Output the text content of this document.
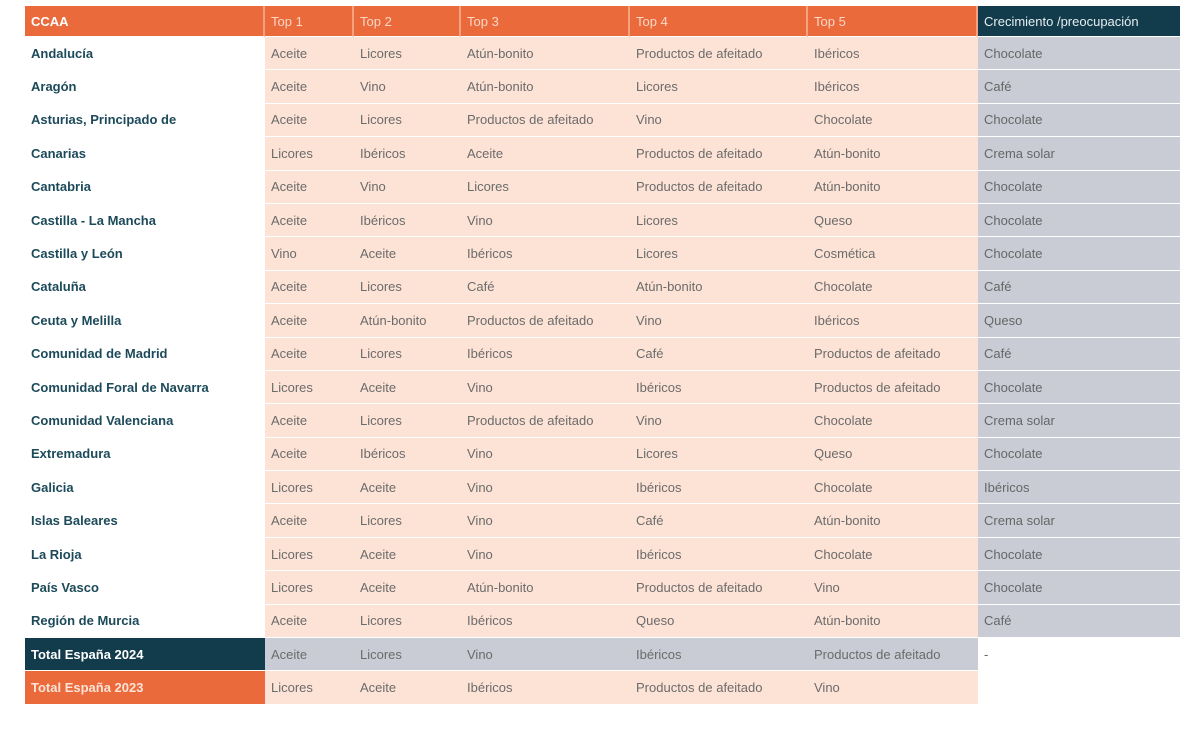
CCAA	Top 1	Top 2	Top 3	Top 4	Top 5	Crecimiento /preocupación
Andalucía	Aceite	Licores	Atún-bonito	Productos de afeitado	Ibéricos	Chocolate
Aragón	Aceite	Vino	Atún-bonito	Licores	Ibéricos	Café
Asturias, Principado de	Aceite	Licores	Productos de afeitado	Vino	Chocolate	Chocolate
Canarias	Licores	Ibéricos	Aceite	Productos de afeitado	Atún-bonito	Crema solar
Cantabria	Aceite	Vino	Licores	Productos de afeitado	Atún-bonito	Chocolate
Castilla - La Mancha	Aceite	Ibéricos	Vino	Licores	Queso	Chocolate
Castilla y León	Vino	Aceite	Ibéricos	Licores	Cosmética	Chocolate
Cataluña	Aceite	Licores	Café	Atún-bonito	Chocolate	Café
Ceuta y Melilla	Aceite	Atún-bonito	Productos de afeitado	Vino	Ibéricos	Queso
Comunidad de Madrid	Aceite	Licores	Ibéricos	Café	Productos de afeitado	Café
Comunidad Foral de Navarra	Licores	Aceite	Vino	Ibéricos	Productos de afeitado	Chocolate
Comunidad Valenciana	Aceite	Licores	Productos de afeitado	Vino	Chocolate	Crema solar
Extremadura	Aceite	Ibéricos	Vino	Licores	Queso	Chocolate
Galicia	Licores	Aceite	Vino	Ibéricos	Chocolate	Ibéricos
Islas Baleares	Aceite	Licores	Vino	Café	Atún-bonito	Crema solar
La Rioja	Licores	Aceite	Vino	Ibéricos	Chocolate	Chocolate
País Vasco	Licores	Aceite	Atún-bonito	Productos de afeitado	Vino	Chocolate
Región de Murcia	Aceite	Licores	Ibéricos	Queso	Atún-bonito	Café
Total España 2024	Aceite	Licores	Vino	Ibéricos	Productos de afeitado	-
Total España 2023	Licores	Aceite	Ibéricos	Productos de afeitado	Vino	
